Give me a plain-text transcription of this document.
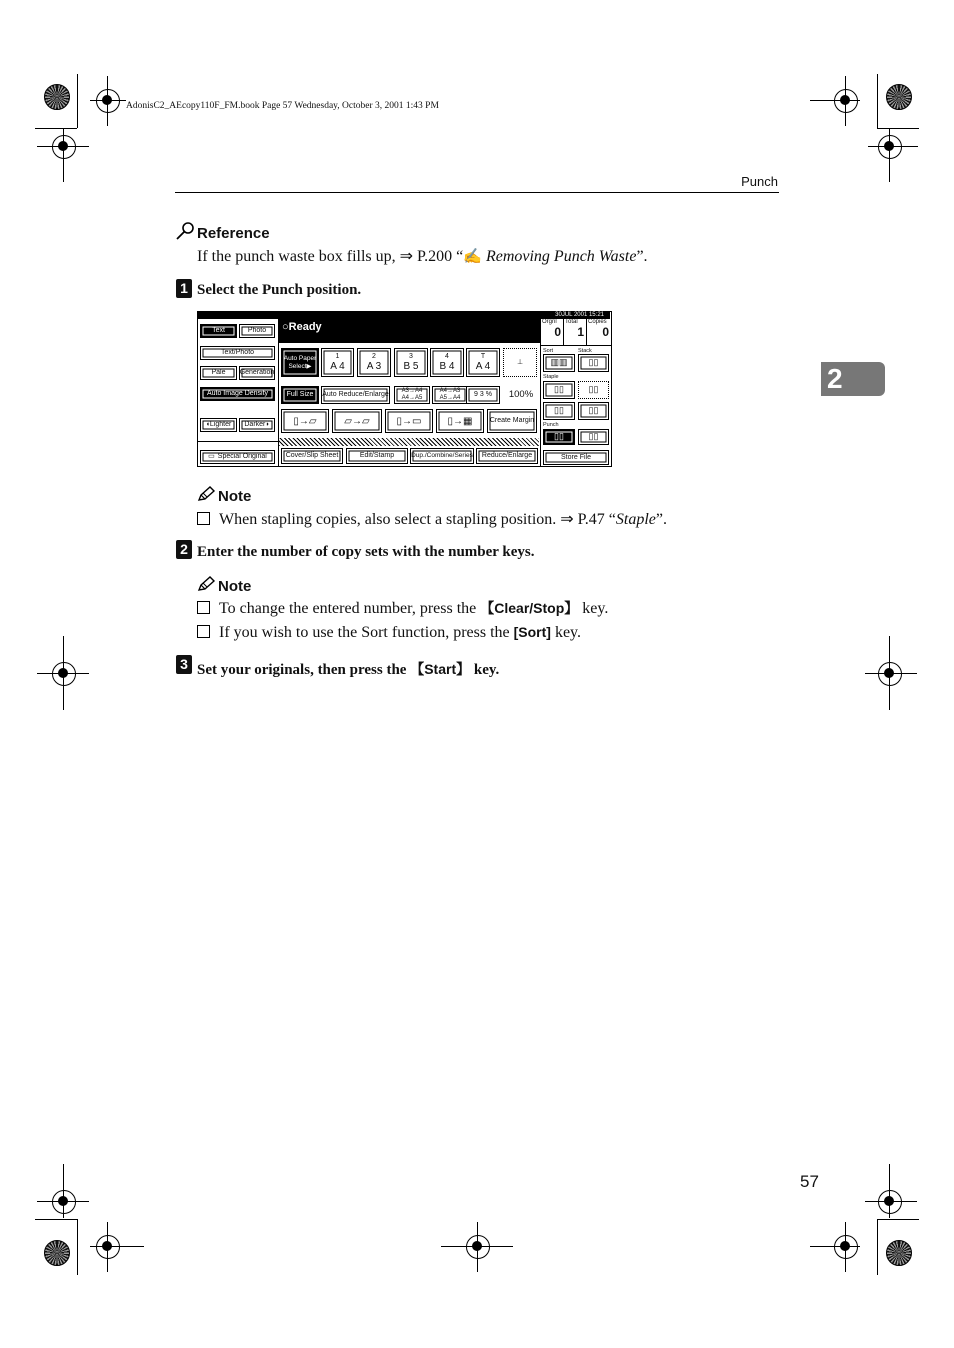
AdonisC2_AEcopy110F_FM.book Page 57 Wednesday, October 3, 2001 1:43 PM
Punch
2
Reference
If the punch waste box fills up, ⇒ P.200 “✍ Removing Punch Waste”.
1 Select the Punch position.
30JUL 2001 15:21
○Ready
Text	Photo
Text/Photo
Pale	Generation
Auto Image Density
◖ Lighter Darker ◗
▭ Special Original
Orgnl
0
Total
1
Copies
0
Auto Paper Select▶
1
A 4
2
A 3
3
B 5
4
B 4
T
A 4	⊥
Full Size	Auto Reduce/Enlarge	A3→A4 A4→A5
A4→A3 A5→A4	9 3 %	100%
▯→▱	▱→▱	▯→▭	▯→▦	Create Margin
Cover/Slip Sheet	Edit/Stamp	Dup./Combine/Series	Reduce/Enlarge
Sort	Stack
▥▥ ▯▯
Staple
▯▯	▯▯
▯▯	▯▯
Punch
▯▯	▯▯
Store File
Note
When stapling copies, also select a stapling position. ⇒ P.47 “Staple”.
2 Enter the number of copy sets with the number keys.
Note
To change the entered number, press the 【Clear/Stop】 key.
If you wish to use the Sort function, press the [Sort] key.
3 Set your originals, then press the 【Start】 key.
57
